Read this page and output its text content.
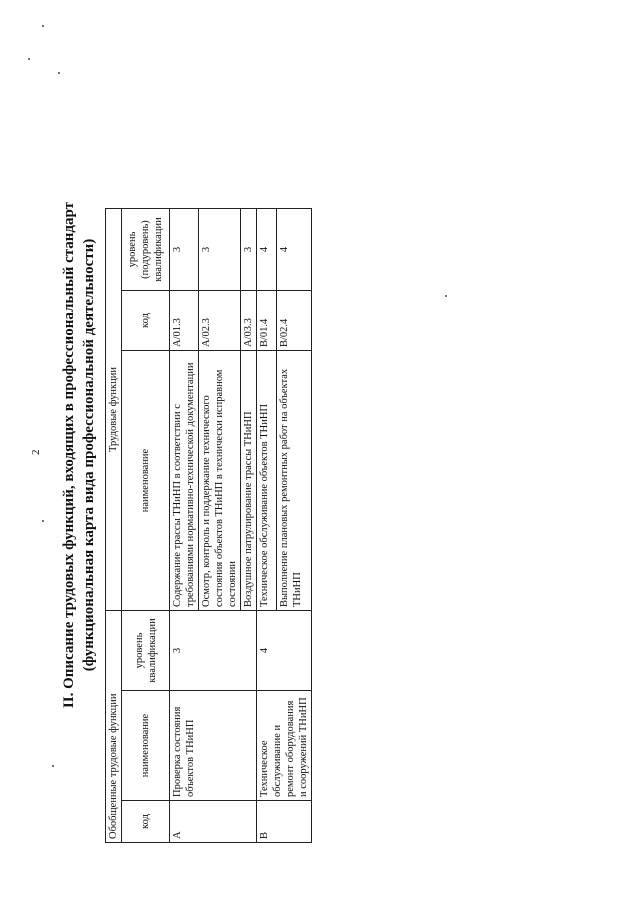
2 II. Описание трудовых функций, входящих в профессиональный стандарт (функциональная карта вида профессиональной деятельности)
Обобщенные трудовые функции			Трудовые функции		
код	наименование	уровень квалификации	наименование	код	уровень (подуровень) квалификации
A	Проверка состояния объектов ТНиНП	3	Содержание трассы ТНиНП в соответствии с требованиями нормативно-технической документации	A/01.3	3
			Осмотр, контроль и поддержание технического состояния объектов ТНиНП в технически исправном состоянии	A/02.3	3
			Воздушное патрулирование трассы ТНиНП	A/03.3	3
B	Техническое обслуживание и ремонт оборудования и сооружений ТНиНП	4	Техническое обслуживание объектов ТНиНП	B/01.4	4
			Выполнение плановых ремонтных работ на объектах ТНиНП	B/02.4	4
